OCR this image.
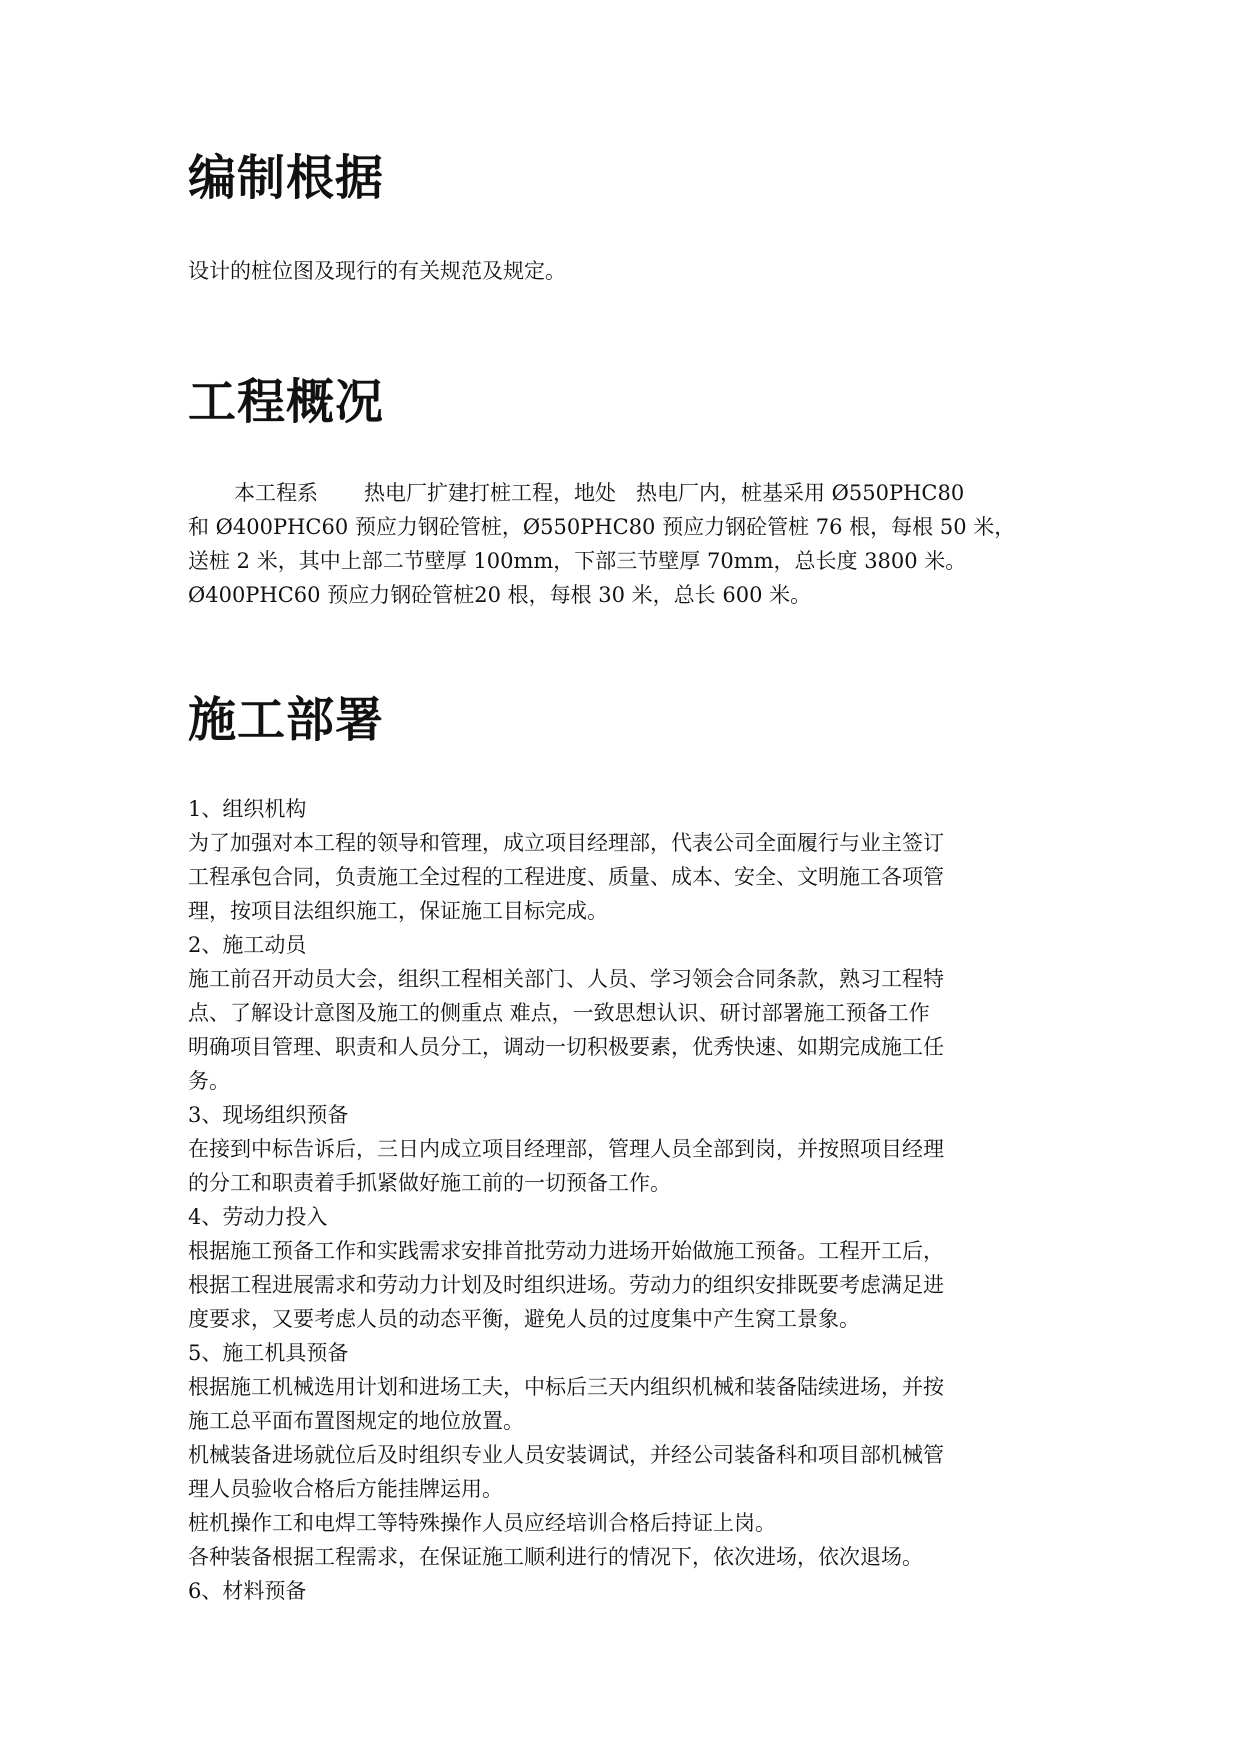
编制根据

设计的桩位图及现行的有关规范及规定。

工程概况

本工程系 热电厂扩建打桩工程，地处 热电厂内，桩基采用 Ø550PHC80
和 Ø400PHC60 预应力钢砼管桩，Ø550PHC80 预应力钢砼管桩 76 根，每根 50 米，
送桩 2 米，其中上部二节壁厚 100mm，下部三节壁厚 70mm，总长度 3800 米。
Ø400PHC60 预应力钢砼管桩20 根，每根 30 米，总长 600 米。

施工部署
1、组织机构
为了加强对本工程的领导和管理，成立项目经理部，代表公司全面履行与业主签订
工程承包合同，负责施工全过程的工程进度、质量、成本、安全、文明施工各项管
理，按项目法组织施工，保证施工目标完成。
2、施工动员
施工前召开动员大会，组织工程相关部门、人员、学习领会合同条款，熟习工程特
点、了解设计意图及施工的侧重点 难点，一致思想认识、研讨部署施工预备工作
明确项目管理、职责和人员分工，调动一切积极要素，优秀快速、如期完成施工任
务。
3、现场组织预备
在接到中标告诉后，三日内成立项目经理部，管理人员全部到岗，并按照项目经理
的分工和职责着手抓紧做好施工前的一切预备工作。
4、劳动力投入
根据施工预备工作和实践需求安排首批劳动力进场开始做施工预备。工程开工后，
根据工程进展需求和劳动力计划及时组织进场。劳动力的组织安排既要考虑满足进
度要求，又要考虑人员的动态平衡，避免人员的过度集中产生窝工景象。
5、施工机具预备
根据施工机械选用计划和进场工夫，中标后三天内组织机械和装备陆续进场，并按
施工总平面布置图规定的地位放置。
机械装备进场就位后及时组织专业人员安装调试，并经公司装备科和项目部机械管
理人员验收合格后方能挂牌运用。
桩机操作工和电焊工等特殊操作人员应经培训合格后持证上岗。
各种装备根据工程需求，在保证施工顺利进行的情况下，依次进场，依次退场。
6、材料预备
